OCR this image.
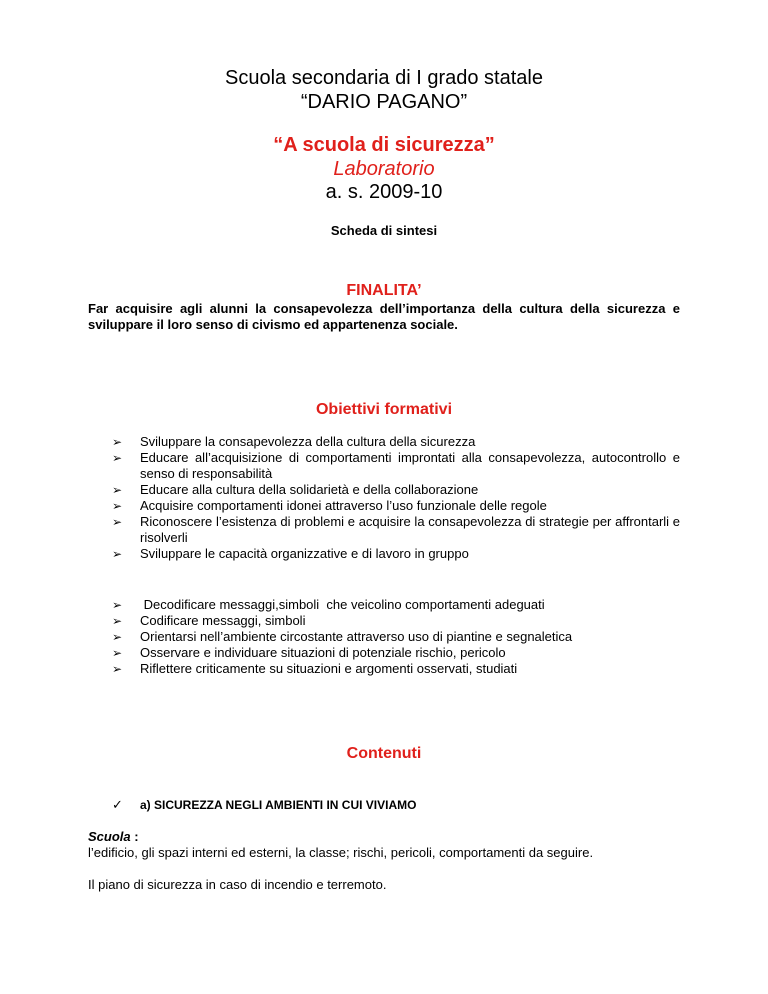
Scuola secondaria di I grado statale
“DARIO PAGANO”
“A scuola di sicurezza”
Laboratorio
a. s. 2009-10
Scheda di sintesi
FINALITA’
Far acquisire agli alunni la consapevolezza dell’importanza della cultura della sicurezza e sviluppare il loro senso di civismo ed appartenenza sociale.
Obiettivi formativi
➢ Sviluppare la consapevolezza della cultura della sicurezza
➢ Educare all’acquisizione di comportamenti improntati alla consapevolezza, autocontrollo e senso di responsabilità
➢ Educare alla cultura della solidarietà e della collaborazione
➢ Acquisire comportamenti idonei attraverso l’uso funzionale delle regole
➢ Riconoscere l’esistenza di problemi e acquisire la consapevolezza di strategie per affrontarli e risolverli
➢ Sviluppare le capacità organizzative e di lavoro in gruppo
➢ Decodificare messaggi,simboli  che veicolino comportamenti adeguati
➢ Codificare messaggi, simboli
➢ Orientarsi nell’ambiente circostante attraverso uso di piantine e segnaletica
➢ Osservare e individuare situazioni di potenziale rischio, pericolo
➢ Riflettere criticamente su situazioni e argomenti osservati, studiati
Contenuti
✓ a) SICUREZZA NEGLI AMBIENTI IN CUI VIVIAMO
Scuola :
l’edificio, gli spazi interni ed esterni, la classe; rischi, pericoli, comportamenti da seguire.
Il piano di sicurezza in caso di incendio e terremoto.
